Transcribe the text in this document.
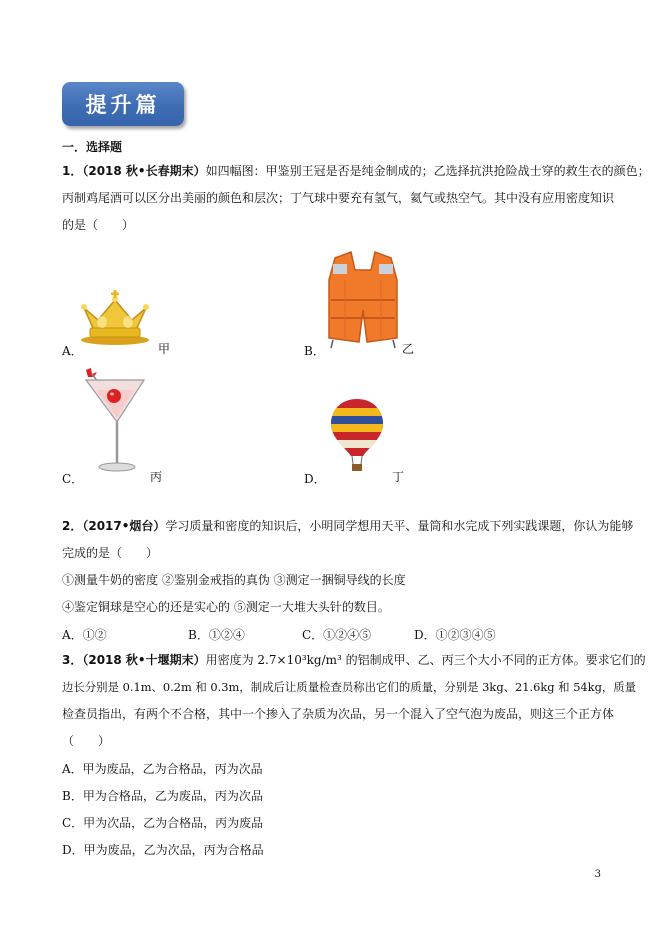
提升篇
一．选择题
1．（2018 秋•长春期末）如四幅图：甲鉴别王冠是否是纯金制成的；乙选择抗洪抢险战士穿的救生衣的颜色；
丙制鸡尾酒可以区分出美丽的颜色和层次；丁气球中要充有氢气，氦气或热空气。其中没有应用密度知识
的是（　　）
A．	甲	B．	乙
C．	丙	D．	丁
2．（2017•烟台）学习质量和密度的知识后，小明同学想用天平、量筒和水完成下列实践课题，你认为能够
完成的是（　　）
①测量牛奶的密度 ②鉴别金戒指的真伪 ③测定一捆铜导线的长度
④鉴定铜球是空心的还是实心的 ⑤测定一大堆大头针的数目。
A．①②	B．①②④	C．①②④⑤	D．①②③④⑤
3．（2018 秋•十堰期末）用密度为 2.7×10³kg/m³ 的铝制成甲、乙、丙三个大小不同的正方体。要求它们的
边长分别是 0.1m、0.2m 和 0.3m，制成后让质量检查员称出它们的质量，分别是 3kg、21.6kg 和 54kg，质量
检查员指出，有两个不合格，其中一个掺入了杂质为次品，另一个混入了空气泡为废品，则这三个正方体
（　　）
A．甲为废品，乙为合格品，丙为次品
B．甲为合格品，乙为废品，丙为次品
C．甲为次品，乙为合格品，丙为废品
D．甲为废品，乙为次品，丙为合格品
3
